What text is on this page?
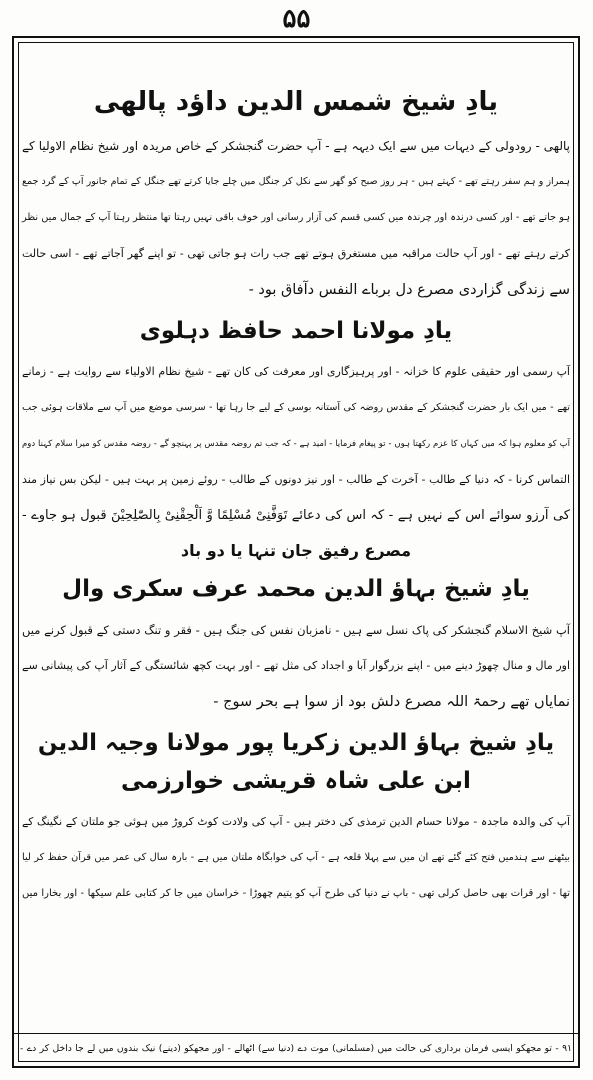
۵۵
یادِ شیخ شمس الدین داؤد پالھی
پالھی - رودولی کے دیہات میں سے ایک دیہہ ہے - آپ حضرت گنجشکر کے خاص مریدہ اور شیخ نظام الاولیا کے
ہمراز و ہم سفر رہتے تھے - کہتے ہیں - ہر روز صبح کو گھر سے نکل کر جنگل میں چلے جایا کرتے تھے جنگل کے تمام جانور آپ کے گرد جمع
ہو جاتے تھے - اور کسی درندہ اور چرندہ میں کسی قسم کی آزار رسانی اور خوف باقی نہیں رہتا تھا منتظر رہتا آپ کے جمال میں نظر
کرتے رہتے تھے - اور آپ حالت مراقبہ میں مستغرق ہوتے تھے جب رات ہو جاتی تھی - تو اپنے گھر آجاتے تھے - اسی حالت
سے زندگی گزاردی مصرع دل برباے النفس دآفاق بود -
یادِ مولانا احمد حافظ دہلوی
آپ رسمی اور حقیقی علوم کا خزانہ - اور پرہیزگاری اور معرفت کی کان تھے - شیخ نظام الاولیاء سے روایت ہے - زمانے
تھے - میں ایک بار حضرت گنجشکر کے مقدس روضہ کی آستانہ بوسی کے لیے جا رہا تھا - سرسی موضع میں آپ سے ملاقات ہوئی جب
آپ کو معلوم ہوا کہ میں کہاں کا عزم رکھتا ہوں - تو پیغام فرمایا - امید ہے - کہ جب تم روضہ مقدس پر پہنچو گے - روضہ مقدس کو میرا سلام کہنا دوم
التماس کرنا - کہ دنیا کے طالب - آخرت کے طالب - اور نیز دونوں کے طالب - روئے زمین پر بہت ہیں - لیکن بس نیاز مند
کی آرزو سوائے اس کے نہیں ہے - کہ اس کی دعائے تَوَفَّنِیْ مُسْلِمًا وَّ اَلْحِقْنِیْ بِالصّٰلِحِیْنَ قبول ہو جاوے -
مصرع رفیق جان تنہا یا دو باد
یادِ شیخ بہاؤ الدین محمد عرف سکری وال
آپ شیخ الاسلام گنجشکر کی پاک نسل سے ہیں - نامزبان نفس کی جنگ ہیں - فقر و تنگ دستی کے قبول کرنے میں
اور مال و منال چھوڑ دینے میں - اپنے بزرگوار آبا و اجداد کی مثل تھے - اور بہت کچھ شائستگی کے آثار آپ کی پیشانی سے
نمایاں تھے رحمۃ اللہ مصرع دلش بود از سوا ہے بحر سوج -
یادِ شیخ بہاؤ الدین زکریا پور مولانا وجیہ الدین ابن علی شاہ قریشی خوارزمی
آپ کی والدہ ماجدہ - مولانا حسام الدین ترمذی کی دختر ہیں - آپ کی ولادت کوٹ کروڑ میں ہوئی جو ملتان کے نگینگ کے
بیٹھنے سے ہندمیں فتح کئے گئے تھے ان میں سے پہلا قلعہ ہے - آپ کی خوابگاہ ملتان میں ہے - بارہ سال کی عمر میں قرآن حفظ کر لیا
تھا - اور قرات بھی حاصل کرلی تھی - باپ نے دنیا کی طرح آپ کو یتیم چھوڑا - خراسان میں جا کر کتابی علم سیکھا - اور بخارا میں
۹۱ - تو مجھکو ایسی فرمان برداری کی حالت میں (مسلمانی) موت دے (دنیا سے) اٹھالے - اور مجھکو (دینے) نیک بندوں میں لے جا داخل کر دے -
